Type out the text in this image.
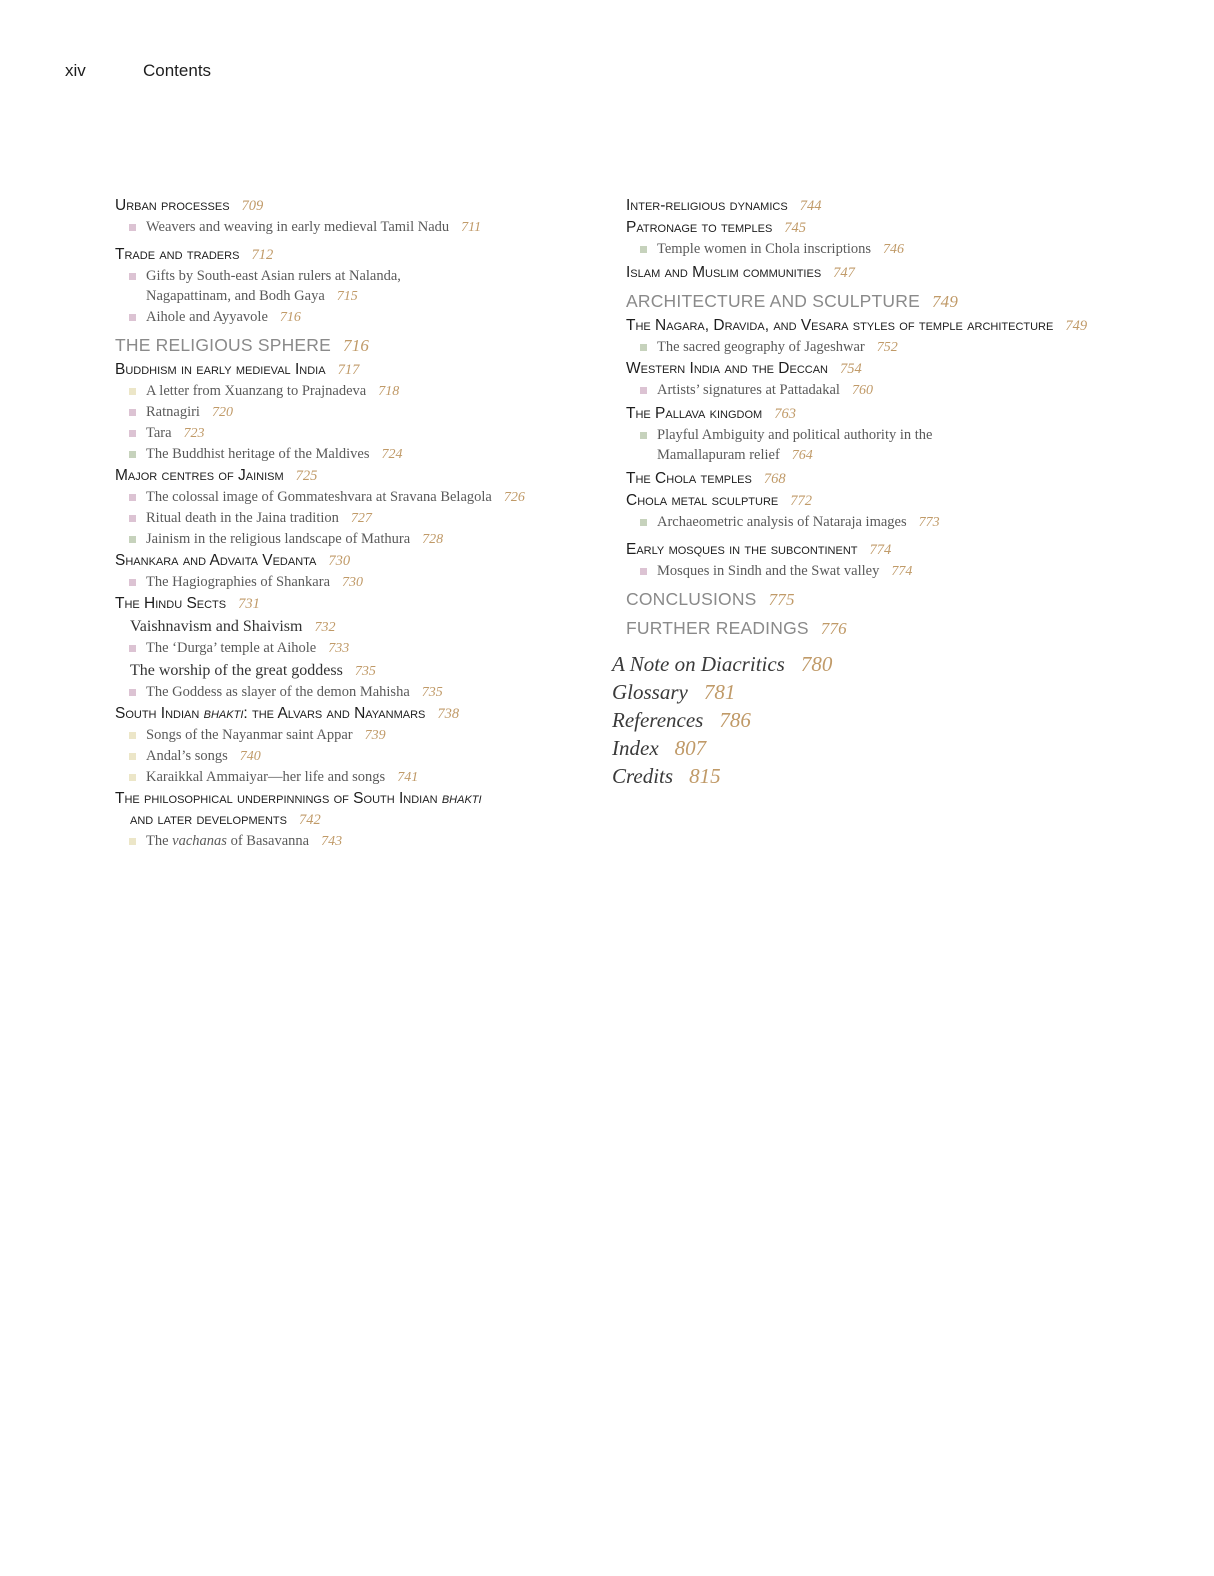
xiv	Contents
Urban processes 709
Weavers and weaving in early medieval Tamil Nadu 711
Trade and traders 712
Gifts by South-east Asian rulers at Nalanda,
Nagapattinam, and Bodh Gaya 715
Aihole and Ayyavole 716
THE RELIGIOUS SPHERE 716
Buddhism in early medieval India 717
A letter from Xuanzang to Prajnadeva 718
Ratnagiri 720
Tara 723
The Buddhist heritage of the Maldives 724
Major centres of Jainism 725
The colossal image of Gommateshvara at Sravana Belagola 726
Ritual death in the Jaina tradition 727
Jainism in the religious landscape of Mathura 728
Shankara and Advaita Vedanta 730
The Hagiographies of Shankara 730
The Hindu Sects 731
Vaishnavism and Shaivism 732
The ‘Durga’ temple at Aihole 733
The worship of the great goddess 735
The Goddess as slayer of the demon Mahisha 735
South Indian bhakti: the Alvars and Nayanmars 738
Songs of the Nayanmar saint Appar 739
Andal’s songs 740
Karaikkal Ammaiyar—her life and songs 741
The philosophical underpinnings of South Indian bhakti
and later developments 742
The vachanas of Basavanna 743
Inter-religious dynamics 744
Patronage to temples 745
Temple women in Chola inscriptions 746
Islam and Muslim communities 747
ARCHITECTURE AND SCULPTURE 749
The Nagara, Dravida, and Vesara styles of temple architecture 749
The sacred geography of Jageshwar 752
Western India and the Deccan 754
Artists’ signatures at Pattadakal 760
The Pallava kingdom 763
Playful Ambiguity and political authority in the
Mamallapuram relief 764
The Chola temples 768
Chola metal sculpture 772
Archaeometric analysis of Nataraja images 773
Early mosques in the subcontinent 774
Mosques in Sindh and the Swat valley 774
CONCLUSIONS 775
FURTHER READINGS 776
A Note on Diacritics 780
Glossary 781
References 786
Index 807
Credits 815
